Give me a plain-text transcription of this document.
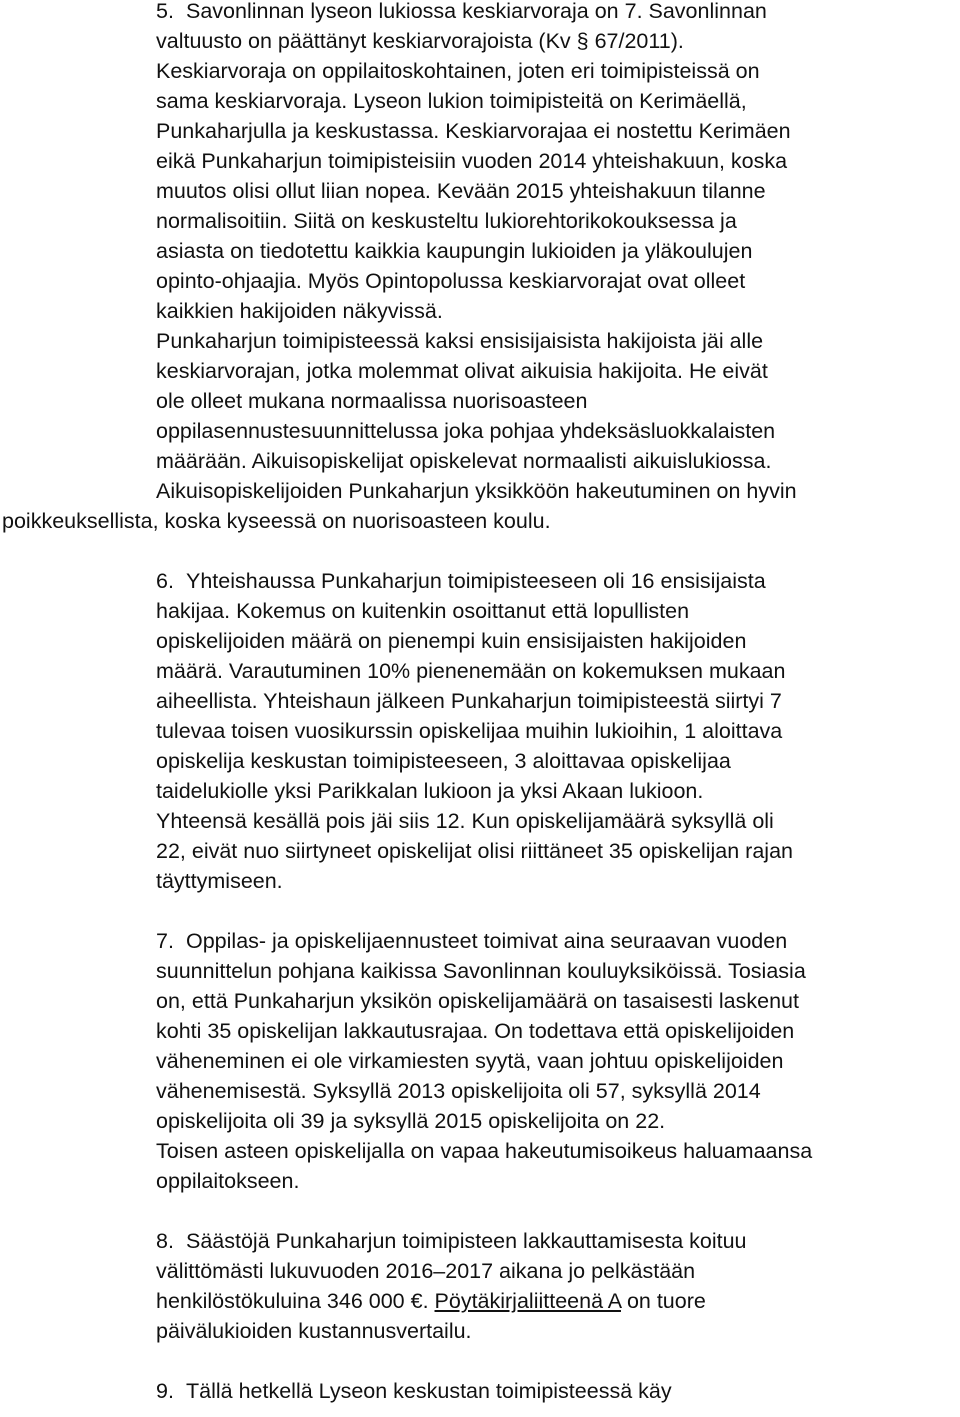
5. Savonlinnan lyseon lukiossa keskiarvoraja on 7. Savonlinnan
valtuusto on päättänyt keskiarvorajoista (Kv § 67/2011).
Keskiarvoraja on oppilaitoskohtainen, joten eri toimipisteissä on
sama keskiarvoraja. Lyseon lukion toimipisteitä on Kerimäellä,
Punkaharjulla ja keskustassa. Keskiarvorajaa ei nostettu Kerimäen
eikä Punkaharjun toimipisteisiin vuoden 2014 yhteishakuun, koska
muutos olisi ollut liian nopea. Kevään 2015 yhteishakuun tilanne
normalisoitiin. Siitä on keskusteltu lukiorehtorikokouksessa ja
asiasta on tiedotettu kaikkia kaupungin lukioiden ja yläkoulujen
opinto-ohjaajia. Myös Opintopolussa keskiarvorajat ovat olleet
kaikkien hakijoiden näkyvissä.
Punkaharjun toimipisteessä kaksi ensisijaisista hakijoista jäi alle
keskiarvorajan, jotka molemmat olivat aikuisia hakijoita. He eivät
ole olleet mukana normaalissa nuorisoasteen
oppilasennustesuunnittelussa joka pohjaa yhdeksäsluokkalaisten
määrään. Aikuisopiskelijat opiskelevat normaalisti aikuislukiossa.
Aikuisopiskelijoiden Punkaharjun yksikköön hakeutuminen on hyvin
poikkeuksellista, koska kyseessä on nuorisoasteen koulu.
6. Yhteishaussa Punkaharjun toimipisteeseen oli 16 ensisijaista
hakijaa. Kokemus on kuitenkin osoittanut että lopullisten
opiskelijoiden määrä on pienempi kuin ensisijaisten hakijoiden
määrä. Varautuminen 10% pienenemään on kokemuksen mukaan
aiheellista. Yhteishaun jälkeen Punkaharjun toimipisteestä siirtyi 7
tulevaa toisen vuosikurssin opiskelijaa muihin lukioihin, 1 aloittava
opiskelija keskustan toimipisteeseen, 3 aloittavaa opiskelijaa
taidelukiolle yksi Parikkalan lukioon ja yksi Akaan lukioon.
Yhteensä kesällä pois jäi siis 12. Kun opiskelijamäärä syksyllä oli
22, eivät nuo siirtyneet opiskelijat olisi riittäneet 35 opiskelijan rajan
täyttymiseen.
7. Oppilas- ja opiskelijaennusteet toimivat aina seuraavan vuoden
suunnittelun pohjana kaikissa Savonlinnan kouluyksiköissä. Tosiasia
on, että Punkaharjun yksikön opiskelijamäärä on tasaisesti laskenut
kohti 35 opiskelijan lakkautusrajaa. On todettava että opiskelijoiden
väheneminen ei ole virkamiesten syytä, vaan johtuu opiskelijoiden
vähenemisestä. Syksyllä 2013 opiskelijoita oli 57, syksyllä 2014
opiskelijoita oli 39 ja syksyllä 2015 opiskelijoita on 22.
Toisen asteen opiskelijalla on vapaa hakeutumisoikeus haluamaansa
oppilaitokseen.
8. Säästöjä Punkaharjun toimipisteen lakkauttamisesta koituu
välittömästi lukuvuoden 2016–2017 aikana jo pelkästään
henkilöstökuluina 346 000 €. Pöytäkirjaliitteenä A on tuore
päivälukioiden kustannusvertailu.
9. Tällä hetkellä Lyseon keskustan toimipisteessä käy
